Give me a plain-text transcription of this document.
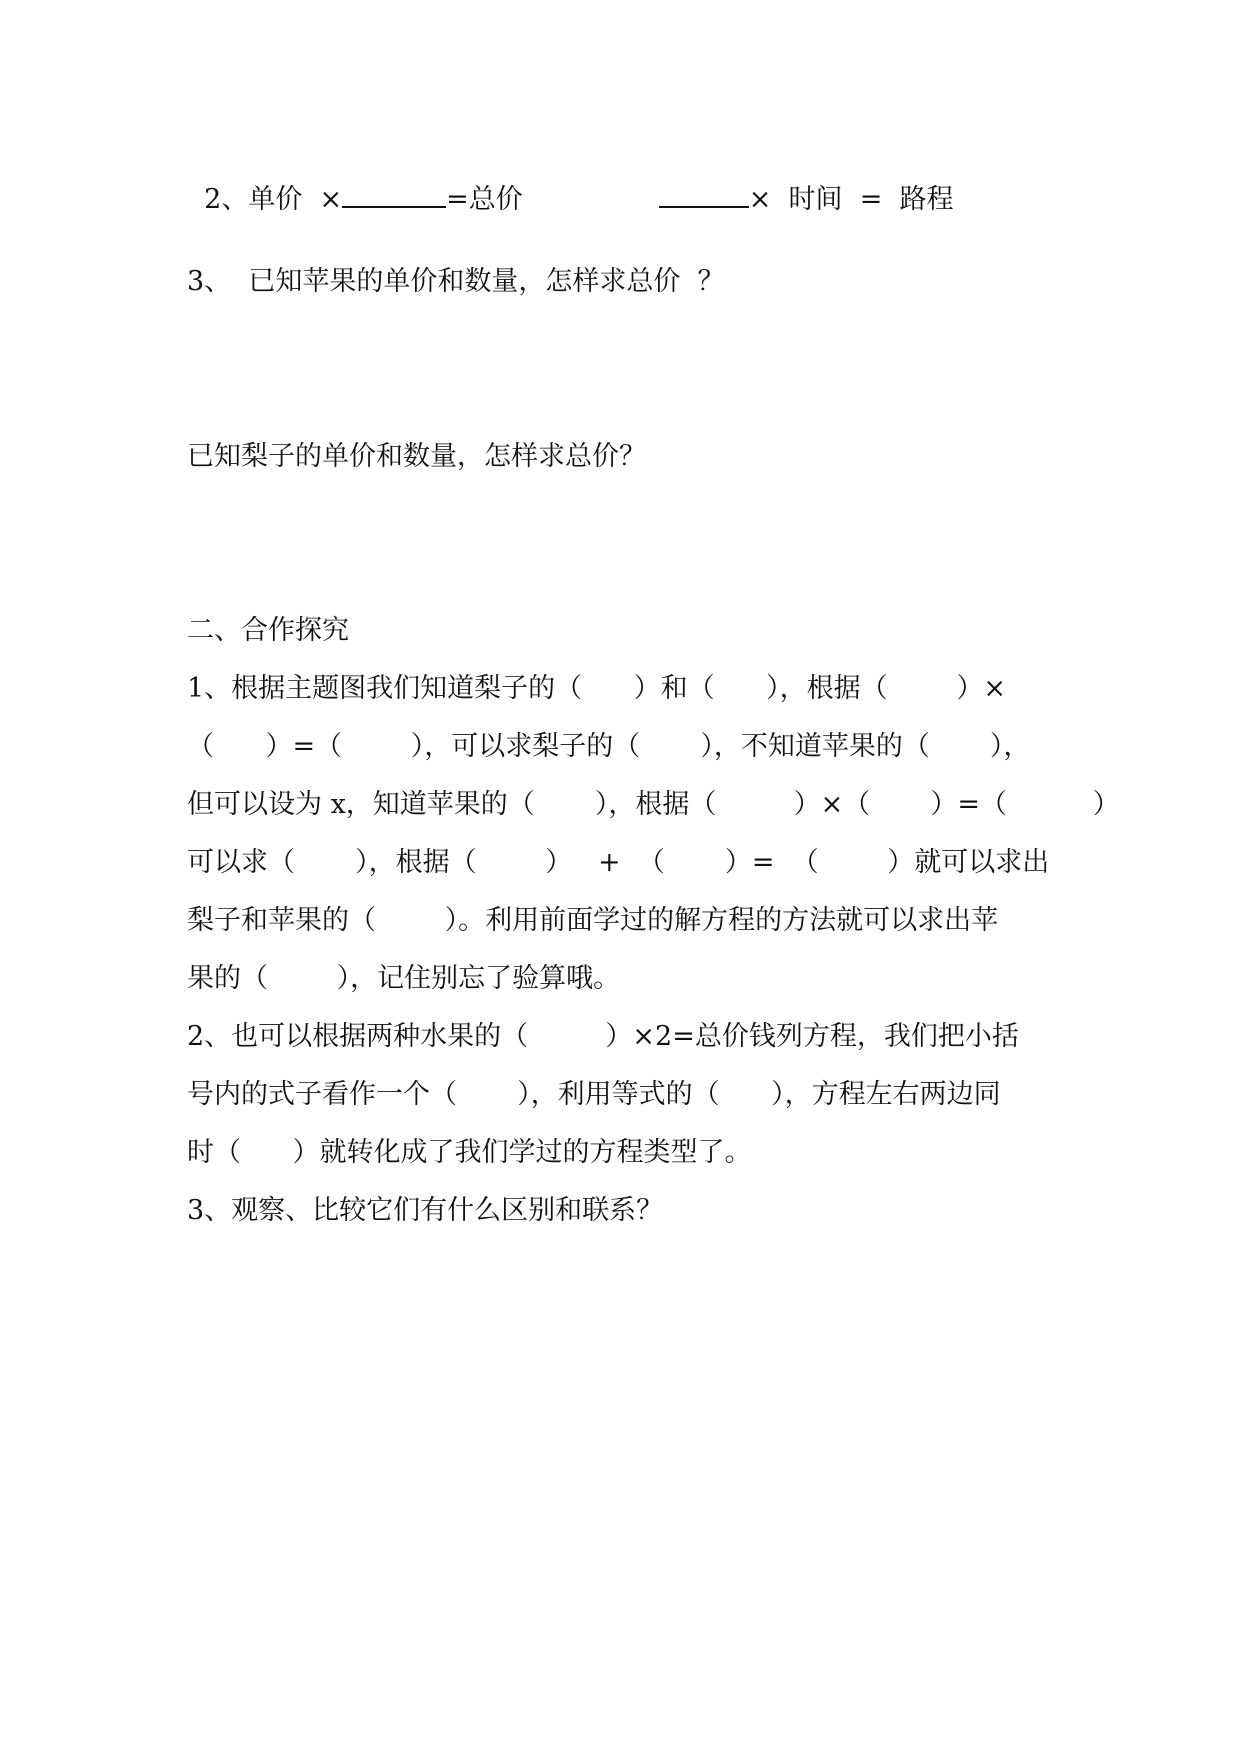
2、单价  ×	=总价	×  时间  =  路程

3、  已知苹果的单价和数量，怎样求总价  ？
已知梨子的单价和数量，怎样求总价？
二、合作探究
1、根据主题图我们知道梨子的（      ）和（      ），根据（        ）×
（      ）=（        ），可以求梨子的（       ），不知道苹果的（       ），
但可以设为 x，知道苹果的（       ），根据（         ）×（       ）=（          ）
可以求（       ），根据（        ）   +  （       ）=  （        ）就可以求出
梨子和苹果的（        ）。利用前面学过的解方程的方法就可以求出苹
果的（        ），记住别忘了验算哦。
2、也可以根据两种水果的（         ）×2=总价钱列方程，我们把小括
号内的式子看作一个（       ），利用等式的（      ），方程左右两边同
时（      ）就转化成了我们学过的方程类型了。
3、观察、比较它们有什么区别和联系？
